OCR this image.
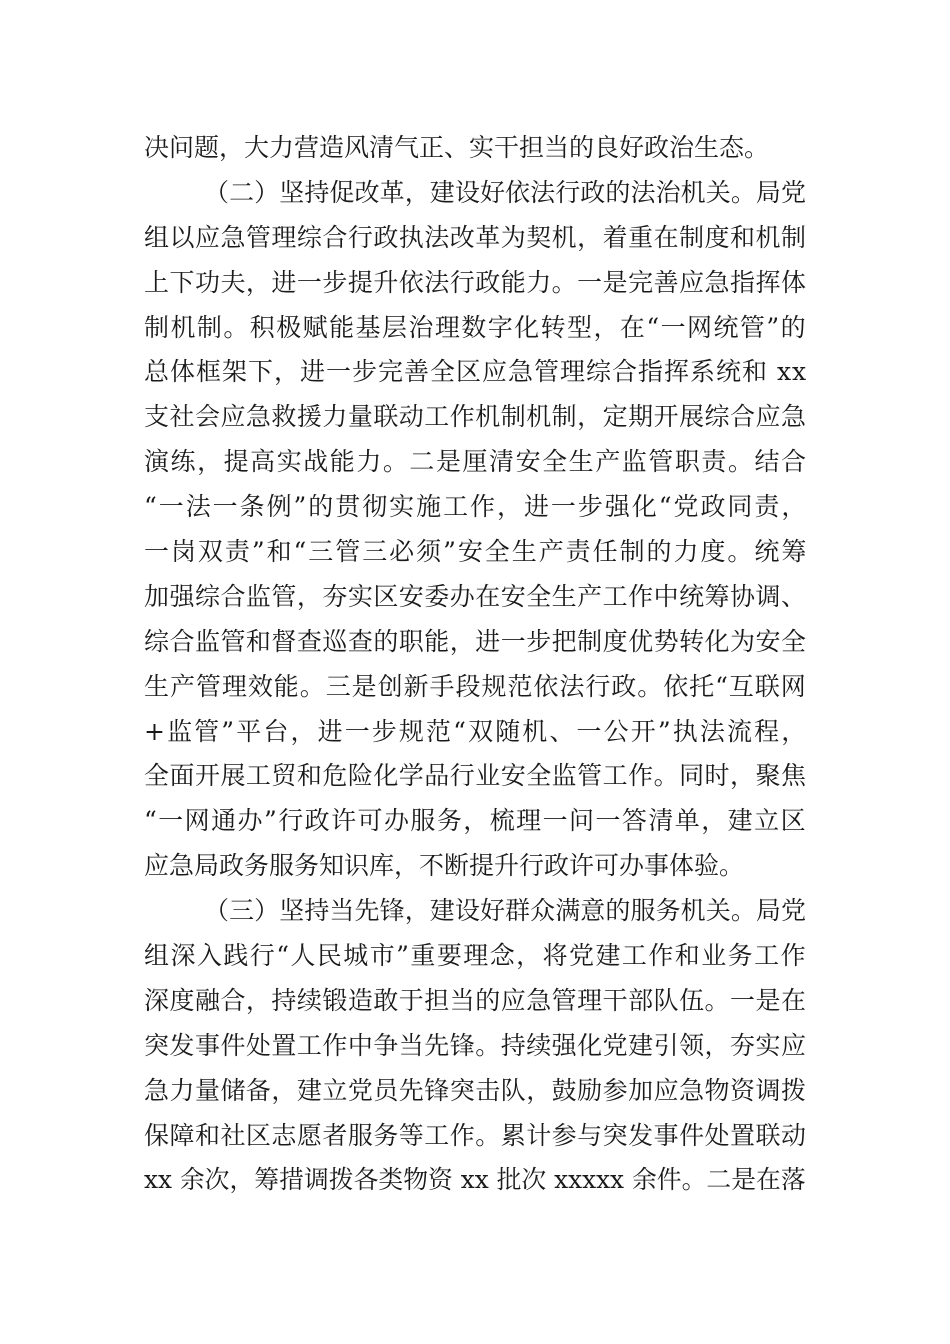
决问题，大力营造风清气正、实干担当的良好政治生态。
（二）坚持促改革，建设好依法行政的法治机关。局党
组以应急管理综合行政执法改革为契机，着重在制度和机制
上下功夫，进一步提升依法行政能力。一是完善应急指挥体
制机制。积极赋能基层治理数字化转型，在“一网统管”的
总体框架下，进一步完善全区应急管理综合指挥系统和 xx
支社会应急救援力量联动工作机制机制，定期开展综合应急
演练，提高实战能力。二是厘清安全生产监管职责。结合
“一法一条例”的贯彻实施工作，进一步强化“党政同责，
一岗双责”和“三管三必须”安全生产责任制的力度。统筹
加强综合监管，夯实区安委办在安全生产工作中统筹协调、
综合监管和督查巡查的职能，进一步把制度优势转化为安全
生产管理效能。三是创新手段规范依法行政。依托“互联网
+监管”平台，进一步规范“双随机、一公开”执法流程，
全面开展工贸和危险化学品行业安全监管工作。同时，聚焦
“一网通办”行政许可办服务，梳理一问一答清单，建立区
应急局政务服务知识库，不断提升行政许可办事体验。
（三）坚持当先锋，建设好群众满意的服务机关。局党
组深入践行“人民城市”重要理念，将党建工作和业务工作
深度融合，持续锻造敢于担当的应急管理干部队伍。一是在
突发事件处置工作中争当先锋。持续强化党建引领，夯实应
急力量储备，建立党员先锋突击队，鼓励参加应急物资调拨
保障和社区志愿者服务等工作。累计参与突发事件处置联动
xx 余次，筹措调拨各类物资 xx 批次 xxxxx 余件。二是在落
